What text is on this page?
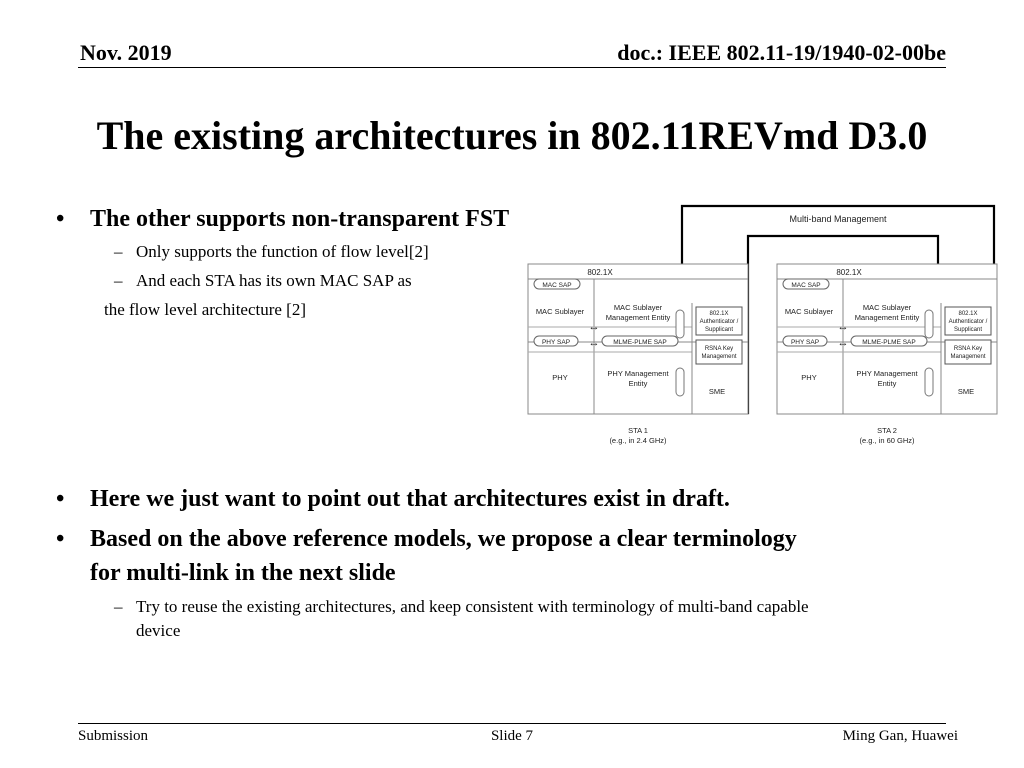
Nov. 2019	doc.: IEEE 802.11-19/1940-02-00be
The existing architectures in 802.11REVmd D3.0
• The other supports non-transparent FST
– Only supports the function of flow level[2]
– And each STA has its own MAC SAP as
the flow level architecture [2]
Multi-band Management
802.1X
MAC SAP
MAC Sublayer	MAC Sublayer
Management Entity
PHY SAP	MLME-PLME SAP
PHY	PHY Management
Entity
802.1X
Authenticator /
Supplicant
RSNA Key
Management
SME
↔
↔
STA 1
(e.g., in 2.4 GHz)
802.1X
MAC SAP
MAC Sublayer	MAC Sublayer
Management Entity
PHY SAP	MLME-PLME SAP
PHY	PHY Management
Entity
802.1X
Authenticator /
Supplicant
RSNA Key
Management
SME
↔
↔
STA 2
(e.g., in 60 GHz)
• Here we just want to point out that architectures exist in draft.
• Based on the above reference models, we propose a clear terminology
for multi-link in the next slide
– Try to reuse the existing architectures, and keep consistent with terminology of multi-band capable
device
Submission	Slide 7	Ming Gan, Huawei
